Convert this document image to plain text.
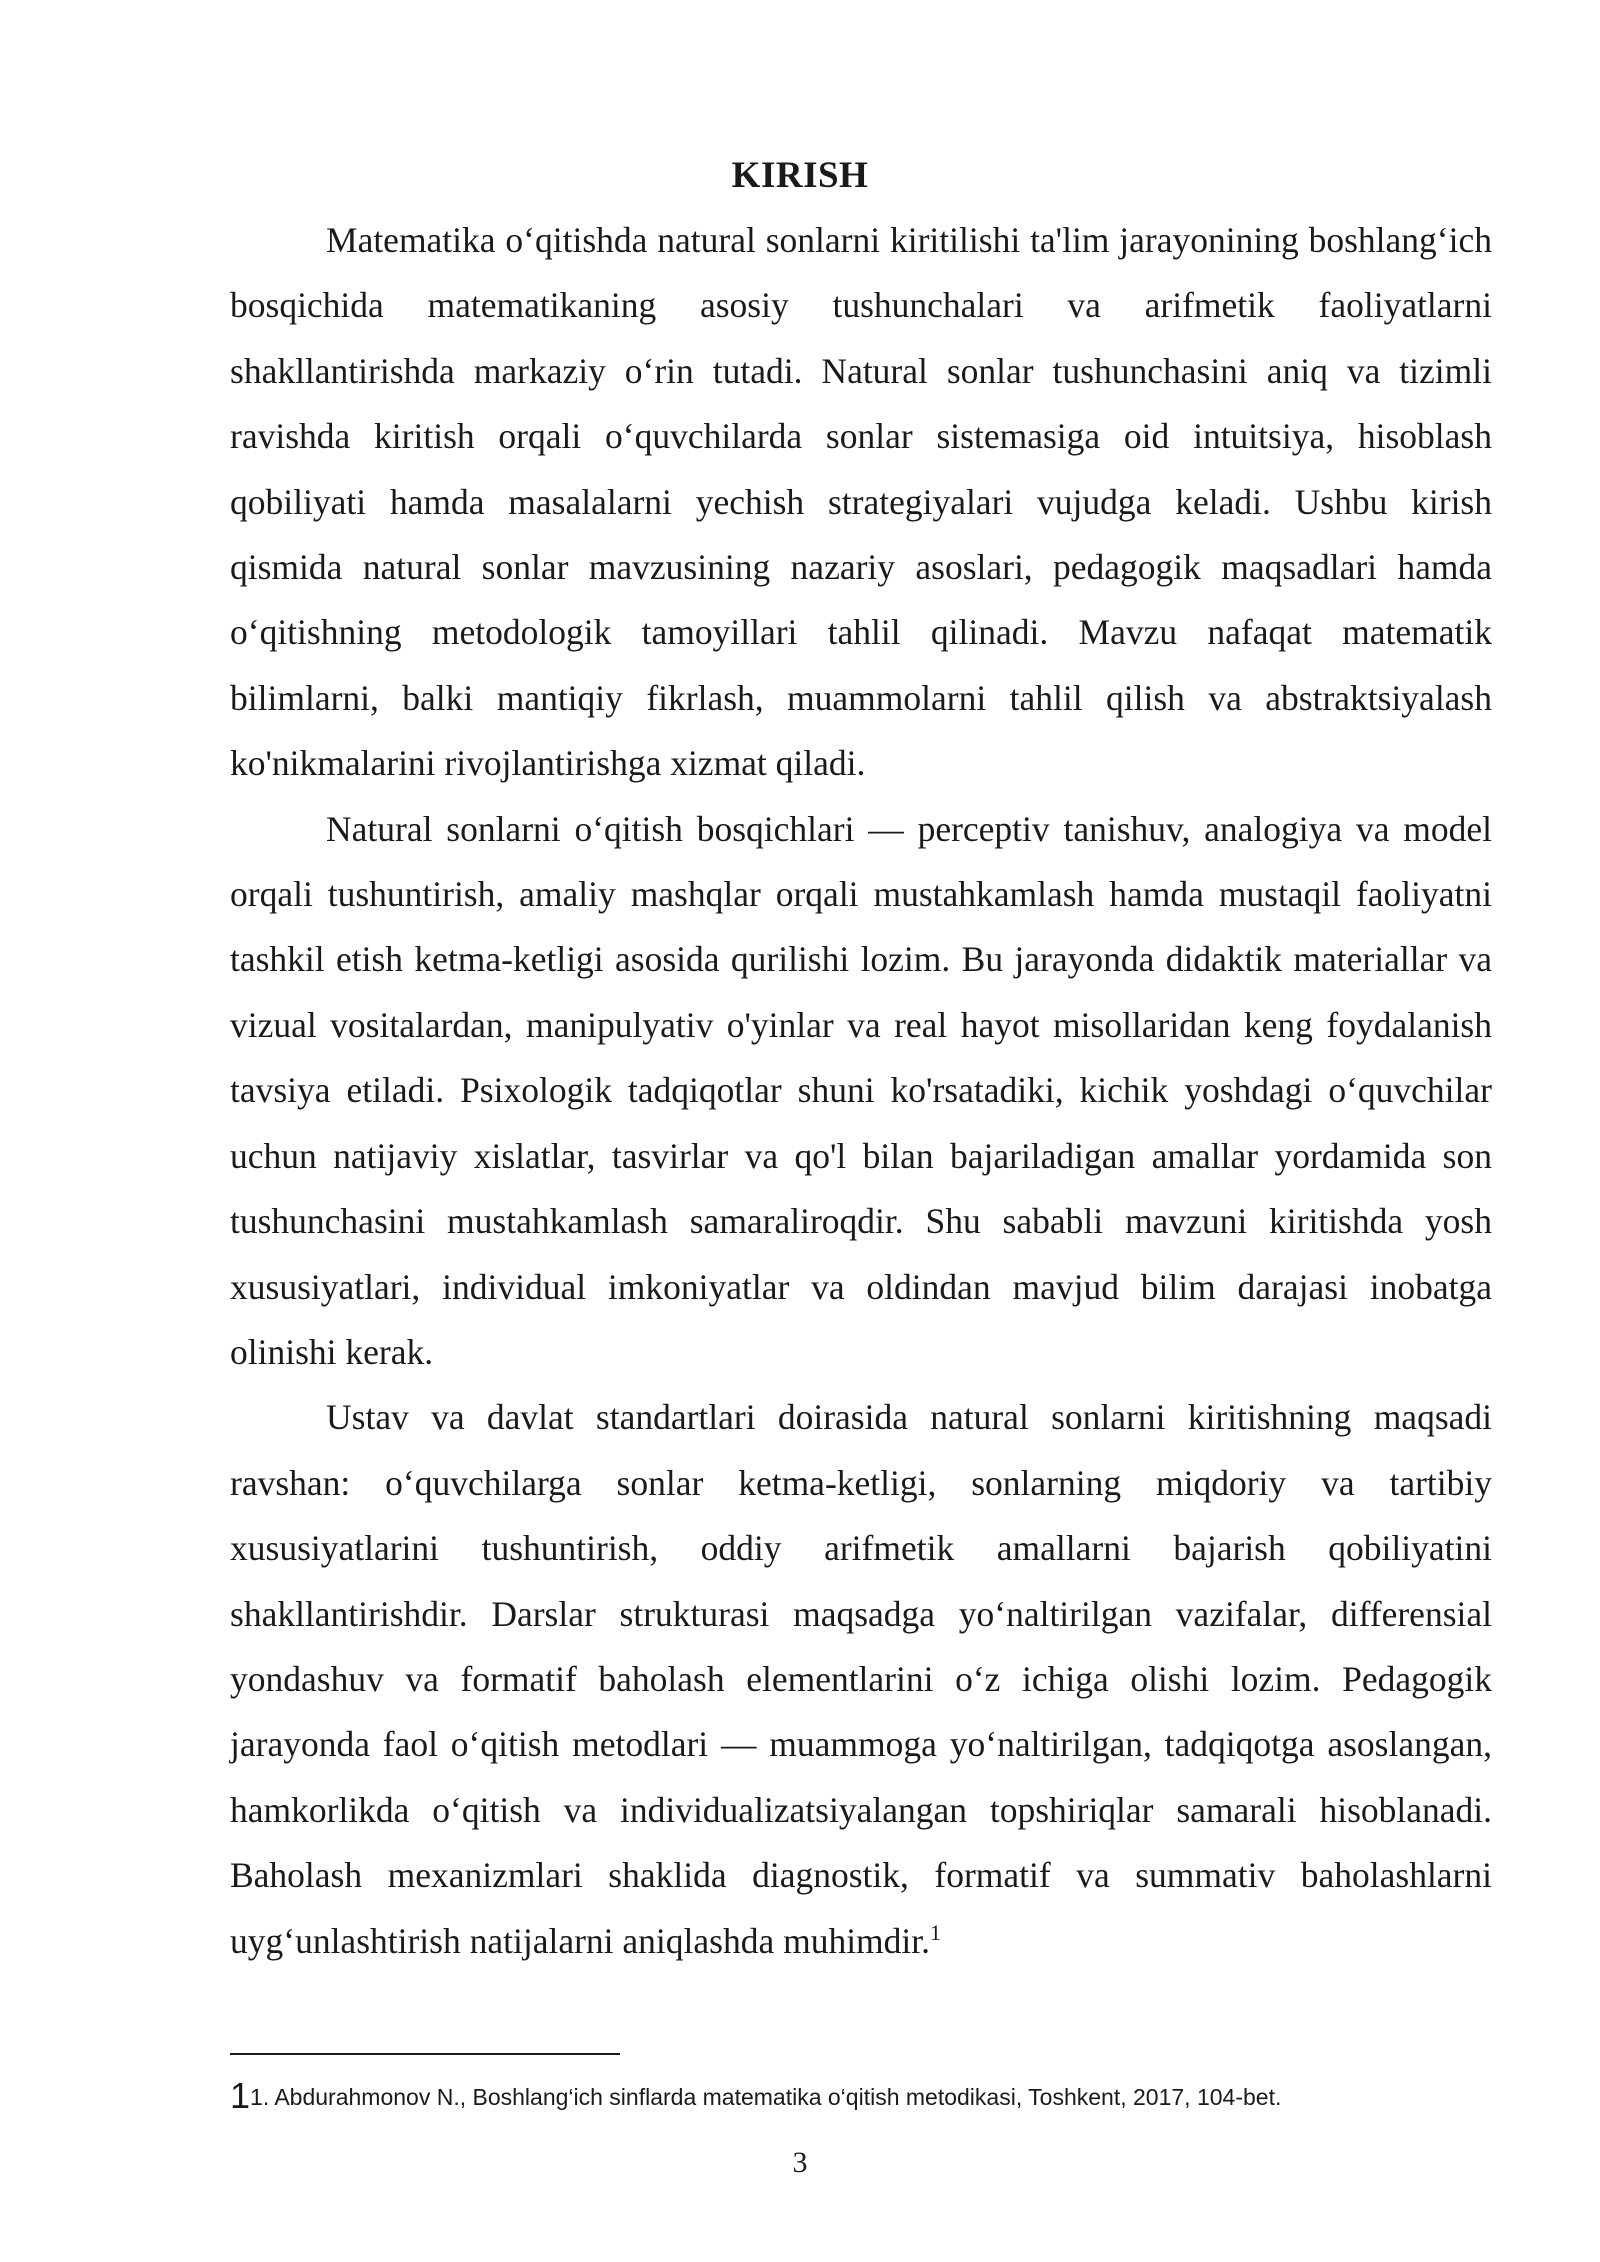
KIRISH

Matematika o‘qitishda natural sonlarni kiritilishi ta'lim jarayonining boshlang‘ich bosqichida matematikaning asosiy tushunchalari va arifmetik faoliyatlarni shakllantirishda markaziy o‘rin tutadi. Natural sonlar tushunchasini aniq va tizimli ravishda kiritish orqali o‘quvchilarda sonlar sistemasiga oid intuitsiya, hisoblash qobiliyati hamda masalalarni yechish strategiyalari vujudga keladi. Ushbu kirish qismida natural sonlar mavzusining nazariy asoslari, pedagogik maqsadlari hamda o‘qitishning metodologik tamoyillari tahlil qilinadi. Mavzu nafaqat matematik bilimlarni, balki mantiqiy fikrlash, muammolarni tahlil qilish va abstraktsiyalash ko'nikmalarini rivojlantirishga xizmat qiladi.

Natural sonlarni o‘qitish bosqichlari — perceptiv tanishuv, analogiya va model orqali tushuntirish, amaliy mashqlar orqali mustahkamlash hamda mustaqil faoliyatni tashkil etish ketma-ketligi asosida qurilishi lozim. Bu jarayonda didaktik materiallar va vizual vositalardan, manipulyativ o'yinlar va real hayot misollaridan keng foydalanish tavsiya etiladi. Psixologik tadqiqotlar shuni ko'rsatadiki, kichik yoshdagi o‘quvchilar uchun natijaviy xislatlar, tasvirlar va qo'l bilan bajariladigan amallar yordamida son tushunchasini mustahkamlash samaraliroqdir. Shu sababli mavzuni kiritishda yosh xususiyatlari, individual imkoniyatlar va oldindan mavjud bilim darajasi inobatga olinishi kerak.

Ustav va davlat standartlari doirasida natural sonlarni kiritishning maqsadi ravshan: o‘quvchilarga sonlar ketma-ketligi, sonlarning miqdoriy va tartibiy xususiyatlarini tushuntirish, oddiy arifmetik amallarni bajarish qobiliyatini shakllantirishdir. Darslar strukturasi maqsadga yo‘naltirilgan vazifalar, differensial yondashuv va formatif baholash elementlarini o‘z ichiga olishi lozim. Pedagogik jarayonda faol o‘qitish metodlari — muammoga yo‘naltirilgan, tadqiqotga asoslangan, hamkorlikda o‘qitish va individualizatsiyalangan topshiriqlar samarali hisoblanadi. Baholash mexanizmlari shaklida diagnostik, formatif va summativ baholashlarni uyg‘unlashtirish natijalarni aniqlashda muhimdir.$^1$

11. Abdurahmonov N., Boshlang‘ich sinflarda matematika o‘qitish metodikasi, Toshkent, 2017, 104-bet.

3
